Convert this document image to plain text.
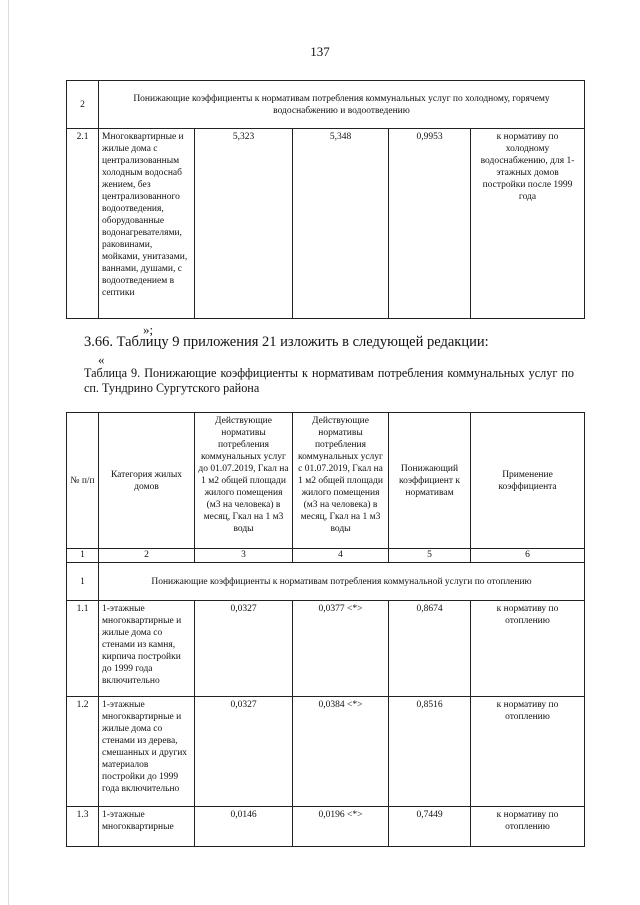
137
2	Понижающие коэффициенты к нормативам потребления коммунальных услуг по холодному, горячему водоснабжению и водоотведению				
2.1	Многоквартирные и жилые дома с централизованным холодным водоснаб жением, без централизованного водоотведения, оборудованные водонагревателями, раковинами, мойками, унитазами, ваннами, душами, с водоотведением в септики	5,323	5,348	0,9953	к нормативу по холодному водоснабжению, для 1-этажных домов постройки после 1999 года
»;
3.66. Таблицу 9 приложения 21 изложить в следующей редакции:
«
Таблица 9. Понижающие коэффициенты к нормативам потребления коммунальных услуг по сп. Тундрино Сургутского района
№ п/п	Категория жилых домов	Действующие нормативы потребления коммунальных услуг до 01.07.2019, Гкал на 1 м2 общей площади жилого помещения (м3 на человека) в месяц, Гкал на 1 м3 воды	Действующие нормативы потребления коммунальных услуг с 01.07.2019, Гкал на 1 м2 общей площади жилого помещения (м3 на человека) в месяц, Гкал на 1 м3 воды	Понижающий коэффициент к нормативам	Применение коэффициента
1	2	3	4	5	6
1	Понижающие коэффициенты к нормативам потребления коммунальной услуги по отоплению				
1.1	1-этажные многоквартирные и жилые дома со стенами из камня, кирпича постройки до 1999 года включительно	0,0327	0,0377 <*>	0,8674	к нормативу по отоплению
1.2	1-этажные многоквартирные и жилые дома со стенами из дерева, смешанных и других материалов постройки до 1999 года включительно	0,0327	0,0384 <*>	0,8516	к нормативу по отоплению
1.3	1-этажные многоквартирные	0,0146	0,0196 <*>	0,7449	к нормативу по отоплению
